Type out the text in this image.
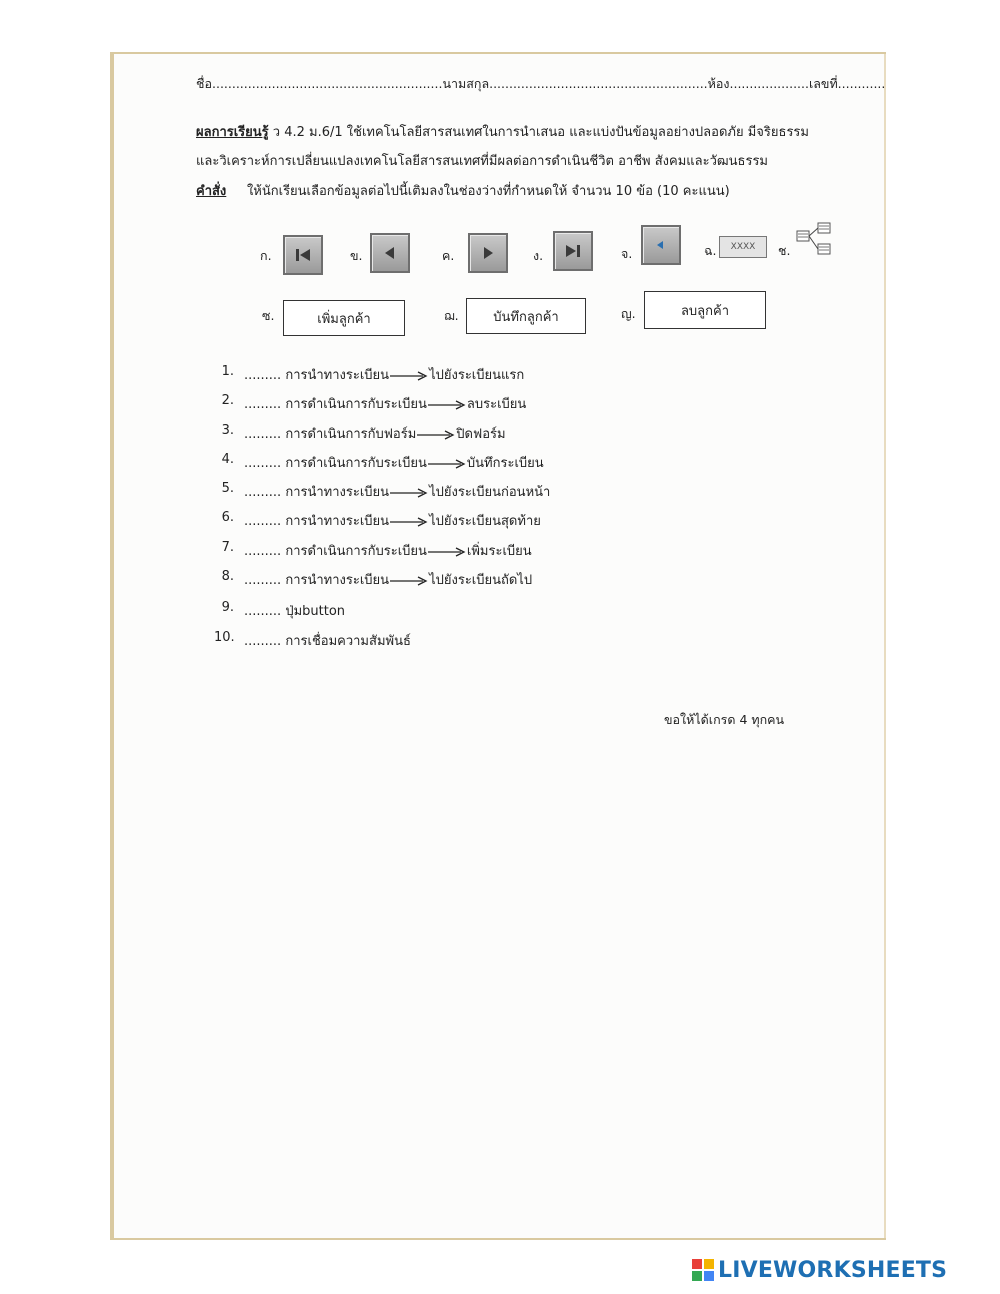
ชื่อ..........................................................นามสกุล.......................................................ห้อง....................เลขที่............
ผลการเรียนรู้ ว 4.2 ม.6/1 ใช้เทคโนโลยีสารสนเทศในการนำเสนอ และแบ่งปันข้อมูลอย่างปลอดภัย มีจริยธรรม
และวิเคราะห์การเปลี่ยนแปลงเทคโนโลยีสารสนเทศที่มีผลต่อการดำเนินชีวิต อาชีพ สังคมและวัฒนธรรม
คำสั่ง ให้นักเรียนเลือกข้อมูลต่อไปนี้เติมลงในช่องว่างที่กำหนดให้ จำนวน 10 ข้อ (10 คะแนน)
ก.	ข.	ค.	ง.	จ.	ฉ.	XXXX	ช.
ซ.	เพิ่มลูกค้า	ฌ.	บันทึกลูกค้า	ญ.	ลบลูกค้า
1. ......... การนำทางระเบียน	ไปยังระเบียนแรก
2. ......... การดำเนินการกับระเบียน	ลบระเบียน
3. ......... การดำเนินการกับฟอร์ม	ปิดฟอร์ม
4. ......... การดำเนินการกับระเบียน	บันทึกระเบียน
5. ......... การนำทางระเบียน	ไปยังระเบียนก่อนหน้า
6. ......... การนำทางระเบียน	ไปยังระเบียนสุดท้าย
7. ......... การดำเนินการกับระเบียน	เพิ่มระเบียน
8. ......... การนำทางระเบียน	ไปยังระเบียนถัดไป
9. ......... ปุ่มbutton
10. ......... การเชื่อมความสัมพันธ์
ขอให้ได้เกรด 4 ทุกคน
LIVEWORKSHEETS
